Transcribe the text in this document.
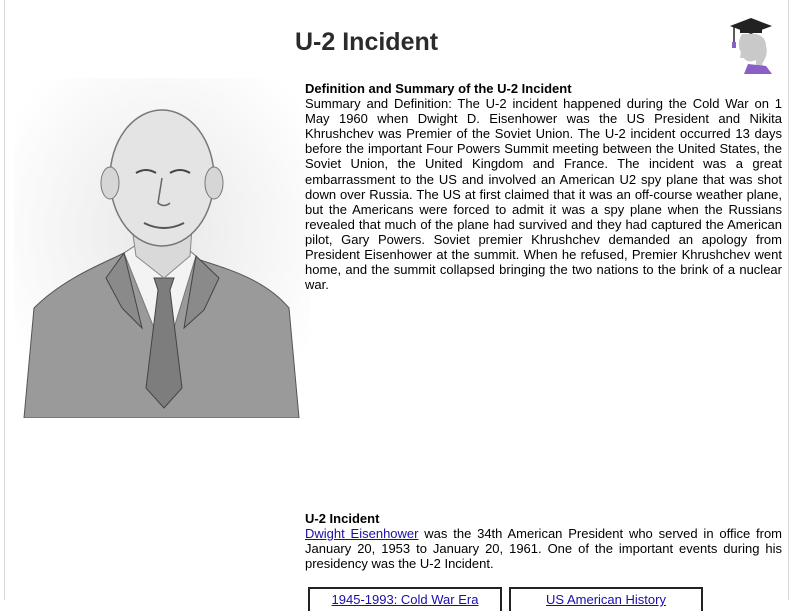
U-2 Incident
Definition and Summary of the U-2 Incident
Summary and Definition: The U-2 incident happened during the Cold War on 1 May 1960 when Dwight D. Eisenhower was the US President and Nikita Khrushchev was Premier of the Soviet Union. The U-2 incident occurred 13 days before the important Four Powers Summit meeting between the United States, the Soviet Union, the United Kingdom and France. The incident was a great embarrassment to the US and involved an American U2 spy plane that was shot down over Russia. The US at first claimed that it was an off-course weather plane, but the Americans were forced to admit it was a spy plane when the Russians revealed that much of the plane had survived and they had captured the American pilot, Gary Powers. Soviet premier Khrushchev demanded an apology from President Eisenhower at the summit. When he refused, Premier Khrushchev went home, and the summit collapsed bringing the two nations to the brink of a nuclear war.
U-2 Incident
Dwight Eisenhower was the 34th American President who served in office from January 20, 1953 to January 20, 1961. One of the important events during his presidency was the U-2 Incident.
1945-1993: Cold War Era	US American History
